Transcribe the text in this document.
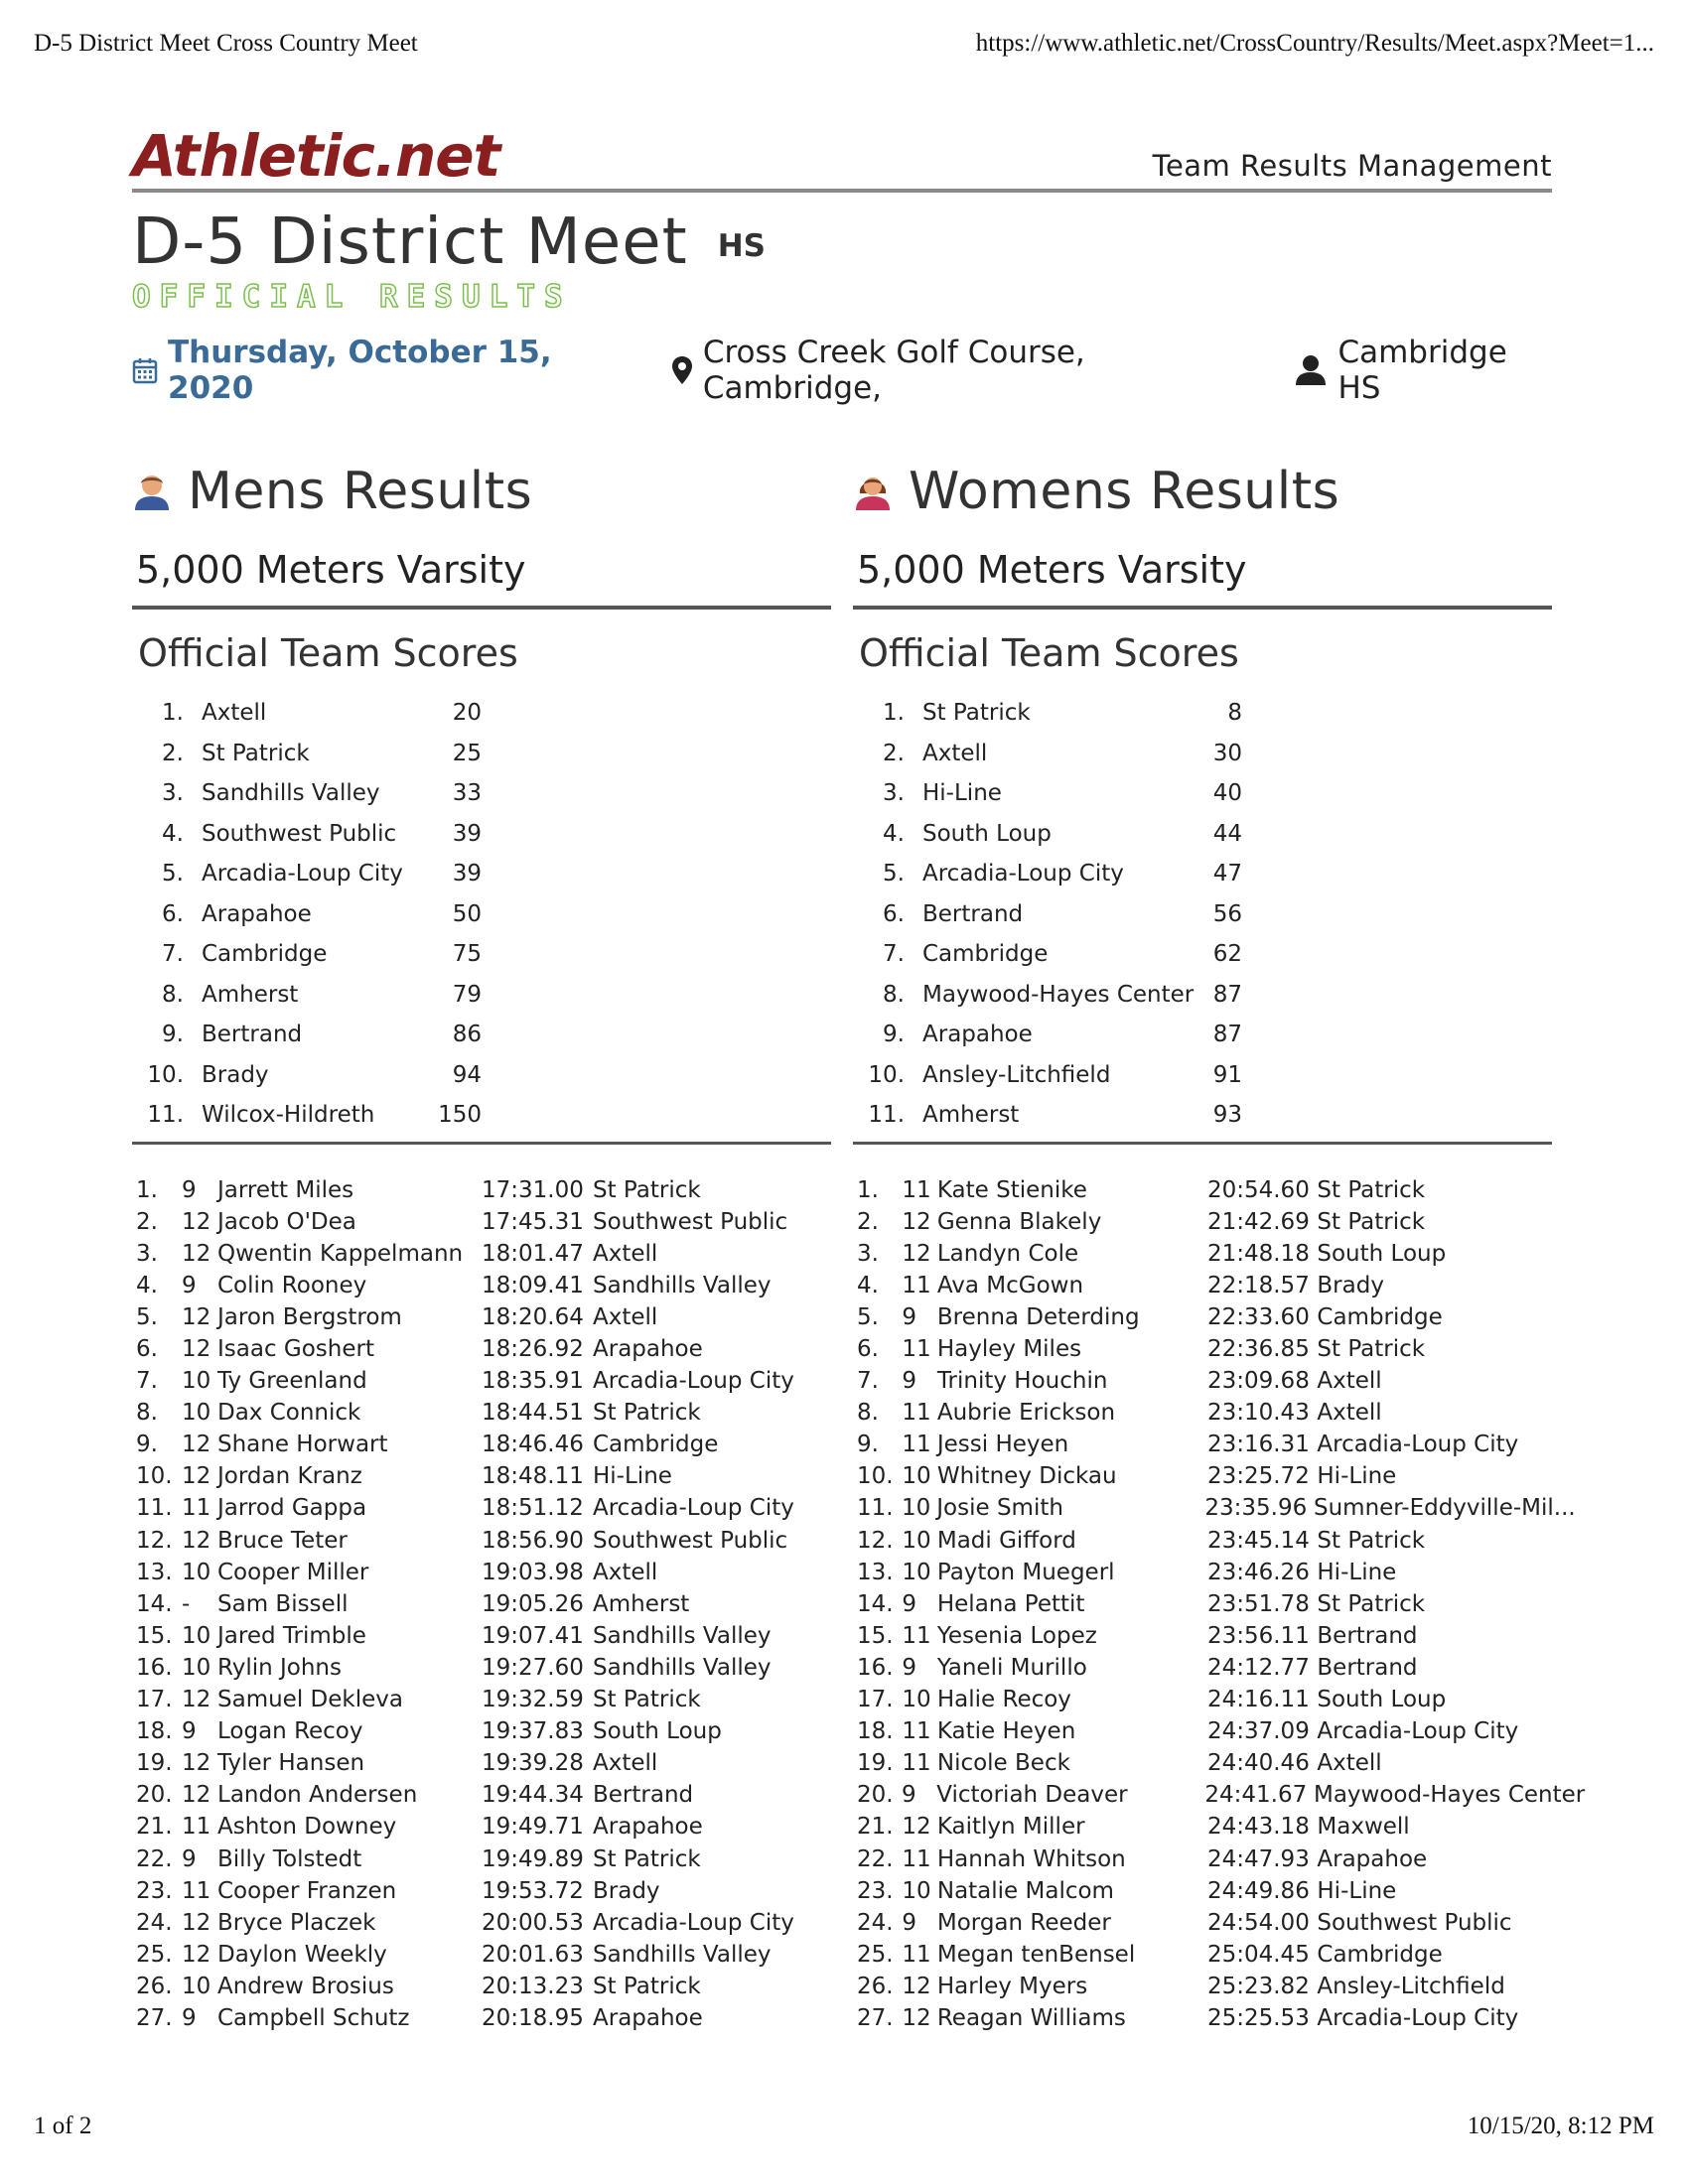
D-5 District Meet Cross Country Meet	https://www.athletic.net/CrossCountry/Results/Meet.aspx?Meet=1...
Athletic.net	Team Results Management
D-5 District Meet HS
OFFICIAL RESULTS
Thursday, October 15, 2020
Cross Creek Golf Course, Cambridge,
Cambridge HS
Mens Results
5,000 Meters Varsity
Official Team Scores
1. Axtell	20
2. St Patrick	25
3. Sandhills Valley	33
4. Southwest Public	39
5. Arcadia-Loup City	39
6. Arapahoe	50
7. Cambridge	75
8. Amherst	79
9. Bertrand	86
10. Brady	94
11. Wilcox-Hildreth	150
1.	9 Jarrett Miles	17:31.00 St Patrick
2.	12 Jacob O'Dea	17:45.31 Southwest Public
3.	12 Qwentin Kappelmann 18:01.47 Axtell
4.	9 Colin Rooney	18:09.41 Sandhills Valley
5.	12 Jaron Bergstrom	18:20.64 Axtell
6.	12 Isaac Goshert	18:26.92 Arapahoe
7.	10 Ty Greenland	18:35.91 Arcadia-Loup City
8.	10 Dax Connick	18:44.51 St Patrick
9.	12 Shane Horwart	18:46.46 Cambridge
10. 12 Jordan Kranz	18:48.11 Hi-Line
11. 11 Jarrod Gappa	18:51.12 Arcadia-Loup City
12. 12 Bruce Teter	18:56.90 Southwest Public
13. 10 Cooper Miller	19:03.98 Axtell
14. -	Sam Bissell	19:05.26 Amherst
15. 10 Jared Trimble	19:07.41 Sandhills Valley
16. 10 Rylin Johns	19:27.60 Sandhills Valley
17. 12 Samuel Dekleva	19:32.59 St Patrick
18. 9 Logan Recoy	19:37.83 South Loup
19. 12 Tyler Hansen	19:39.28 Axtell
20. 12 Landon Andersen	19:44.34 Bertrand
21. 11 Ashton Downey	19:49.71 Arapahoe
22. 9 Billy Tolstedt	19:49.89 St Patrick
23. 11 Cooper Franzen	19:53.72 Brady
24. 12 Bryce Placzek	20:00.53 Arcadia-Loup City
25. 12 Daylon Weekly	20:01.63 Sandhills Valley
26. 10 Andrew Brosius	20:13.23 St Patrick
27. 9 Campbell Schutz	20:18.95 Arapahoe
Womens Results
5,000 Meters Varsity
Official Team Scores
1. St Patrick	8
2. Axtell	30
3. Hi-Line	40
4. South Loup	44
5. Arcadia-Loup City	47
6. Bertrand	56
7. Cambridge	62
8. Maywood-Hayes Center 87
9. Arapahoe	87
10. Ansley-Litchfield	91
11. Amherst	93
1.	11 Kate Stienike	20:54.60 St Patrick
2.	12 Genna Blakely	21:42.69 St Patrick
3.	12 Landyn Cole	21:48.18 South Loup
4.	11 Ava McGown	22:18.57 Brady
5.	9 Brenna Deterding	22:33.60 Cambridge
6.	11 Hayley Miles	22:36.85 St Patrick
7.	9 Trinity Houchin	23:09.68 Axtell
8.	11 Aubrie Erickson	23:10.43 Axtell
9.	11 Jessi Heyen	23:16.31 Arcadia-Loup City
10. 10 Whitney Dickau	23:25.72 Hi-Line
11. 10 Josie Smith	23:35.96 Sumner-Eddyville-Mil...
12. 10 Madi Gifford	23:45.14 St Patrick
13. 10 Payton Muegerl	23:46.26 Hi-Line
14. 9 Helana Pettit	23:51.78 St Patrick
15. 11 Yesenia Lopez	23:56.11 Bertrand
16. 9 Yaneli Murillo	24:12.77 Bertrand
17. 10 Halie Recoy	24:16.11 South Loup
18. 11 Katie Heyen	24:37.09 Arcadia-Loup City
19. 11 Nicole Beck	24:40.46 Axtell
20. 9 Victoriah Deaver	24:41.67 Maywood-Hayes Center
21. 12 Kaitlyn Miller	24:43.18 Maxwell
22. 11 Hannah Whitson	24:47.93 Arapahoe
23. 10 Natalie Malcom	24:49.86 Hi-Line
24. 9 Morgan Reeder	24:54.00 Southwest Public
25. 11 Megan tenBensel	25:04.45 Cambridge
26. 12 Harley Myers	25:23.82 Ansley-Litchfield
27. 12 Reagan Williams	25:25.53 Arcadia-Loup City
1 of 2	10/15/20, 8:12 PM
